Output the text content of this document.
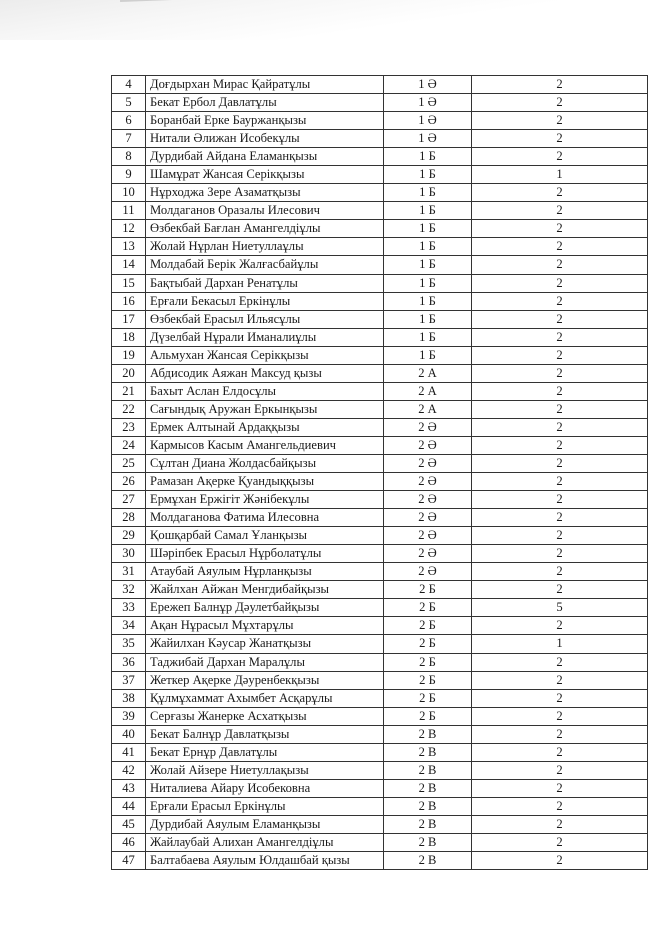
4	Доғдырхан Мирас Қайратұлы	1 Ә	2
5	Бекат Ербол Давлатұлы	1 Ә	2
6	Боранбай Ерке Бауржанқызы	1 Ә	2
7	Нитали Әлижан Исобекұлы	1 Ә	2
8	Дурдибай Айдана Еламанқызы	1 Б	2
9	Шамұрат Жансая Серікқызы	1 Б	1
10	Нұрходжа Зере Азаматқызы	1 Б	2
11	Молдаганов Оразалы Илесович	1 Б	2
12	Өзбекбай Бағлан Амангелдіұлы	1 Б	2
13	Жолай Нұрлан Ниетуллаұлы	1 Б	2
14	Молдабай Берік Жалғасбайұлы	1 Б	2
15	Бақтыбай Дархан Ренатұлы	1 Б	2
16	Ерғали Бекасыл Еркінұлы	1 Б	2
17	Өзбекбай Ерасыл Ильясұлы	1 Б	2
18	Дүзелбай Нұрали Иманалиұлы	1 Б	2
19	Альмухан Жансая Серікқызы	1 Б	2
20	Абдисодик Аяжан Максуд қызы	2 А	2
21	Бахыт Аслан Елдосұлы	2 А	2
22	Сағындық Аружан Еркынқызы	2 А	2
23	Ермек Алтынай Ардаққызы	2 Ә	2
24	Кармысов Касым Амангельдиевич	2 Ә	2
25	Сұлтан Диана Жолдасбайқызы	2 Ә	2
26	Рамазан Ақерке Қуандыққызы	2 Ә	2
27	Ермұхан Ержігіт Жәнібекұлы	2 Ә	2
28	Молдаганова Фатима Илесовна	2 Ә	2
29	Қошқарбай Самал Ұланқызы	2 Ә	2
30	Шәріпбек Ерасыл Нұрболатұлы	2 Ә	2
31	Атаубай Аяулым Нұрланқызы	2 Ә	2
32	Жайлхан Айжан Менгдибайқызы	2 Б	2
33	Ережеп Балнұр Дәулетбайқызы	2 Б	5
34	Ақан Нұрасыл Мұхтарұлы	2 Б	2
35	Жайилхан Кәусар Жанатқызы	2 Б	1
36	Таджибай Дархан Маралұлы	2 Б	2
37	Жеткер Ақерке Дәуренбекқызы	2 Б	2
38	Құлмұхаммат Ахымбет Асқарұлы	2 Б	2
39	Серғазы Жанерке Асхатқызы	2 Б	2
40	Бекат Балнұр Давлатқызы	2 В	2
41	Бекат Ернұр Давлатұлы	2 В	2
42	Жолай Айзере Ниетуллақызы	2 В	2
43	Ниталиева Айару Исобековна	2 В	2
44	Ерғали Ерасыл Еркінұлы	2 В	2
45	Дурдибай Аяулым Еламанқызы	2 В	2
46	Жайлаубай Алихан Амангелдіұлы	2 В	2
47	Балтабаева Аяулым Юлдашбай қызы	2 В	2
